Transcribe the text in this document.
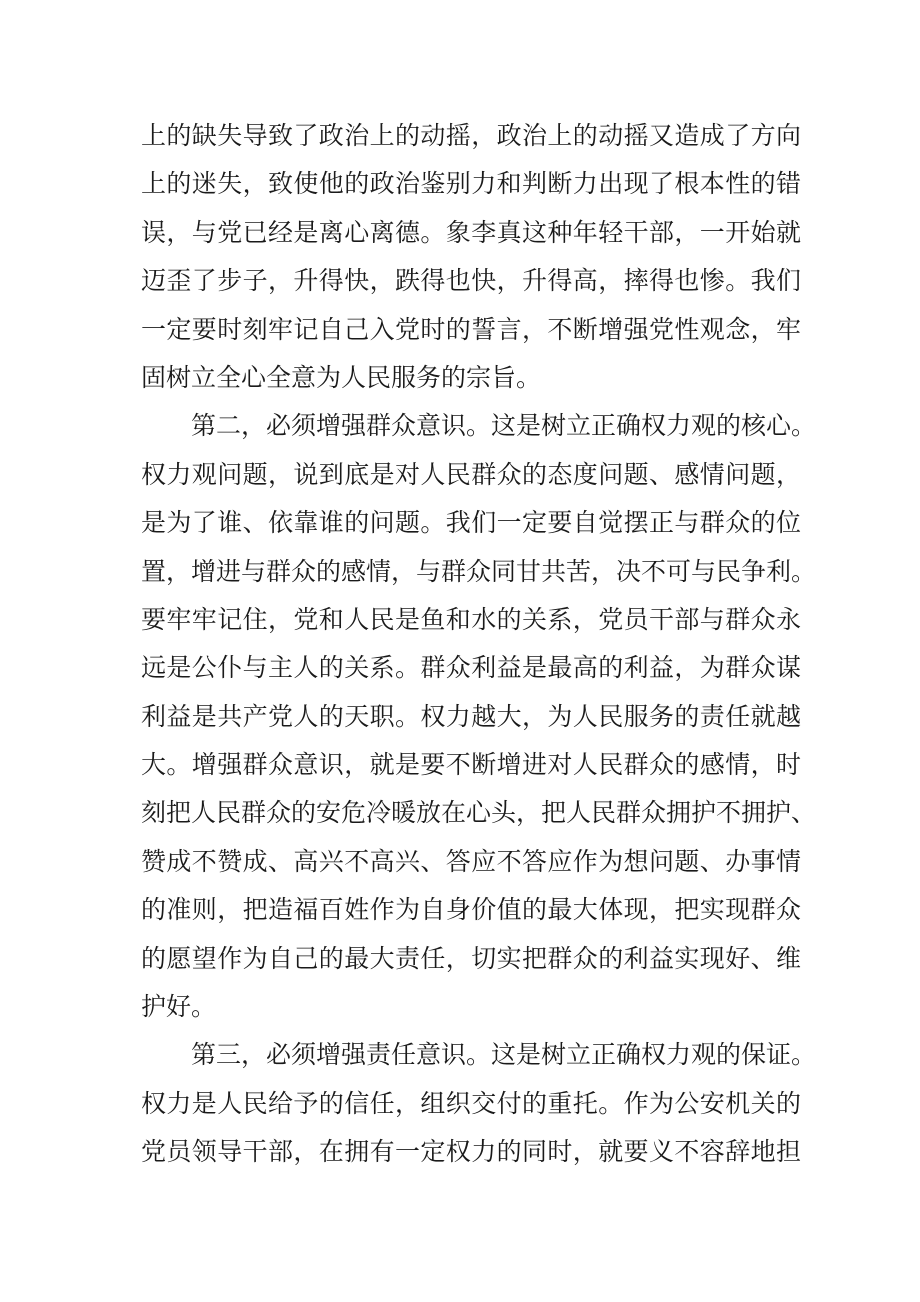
上的缺失导致了政治上的动摇，政治上的动摇又造成了方向
上的迷失，致使他的政治鉴别力和判断力出现了根本性的错
误，与党已经是离心离德。象李真这种年轻干部，一开始就
迈歪了步子，升得快，跌得也快，升得高，摔得也惨。我们
一定要时刻牢记自己入党时的誓言，不断增强党性观念，牢
固树立全心全意为人民服务的宗旨。
第二，必须增强群众意识。这是树立正确权力观的核心。
权力观问题，说到底是对人民群众的态度问题、感情问题，
是为了谁、依靠谁的问题。我们一定要自觉摆正与群众的位
置，增进与群众的感情，与群众同甘共苦，决不可与民争利。
要牢牢记住，党和人民是鱼和水的关系，党员干部与群众永
远是公仆与主人的关系。群众利益是最高的利益，为群众谋
利益是共产党人的天职。权力越大，为人民服务的责任就越
大。增强群众意识，就是要不断增进对人民群众的感情，时
刻把人民群众的安危冷暖放在心头，把人民群众拥护不拥护、
赞成不赞成、高兴不高兴、答应不答应作为想问题、办事情
的准则，把造福百姓作为自身价值的最大体现，把实现群众
的愿望作为自己的最大责任，切实把群众的利益实现好、维
护好。
第三，必须增强责任意识。这是树立正确权力观的保证。
权力是人民给予的信任，组织交付的重托。作为公安机关的
党员领导干部，在拥有一定权力的同时，就要义不容辞地担
